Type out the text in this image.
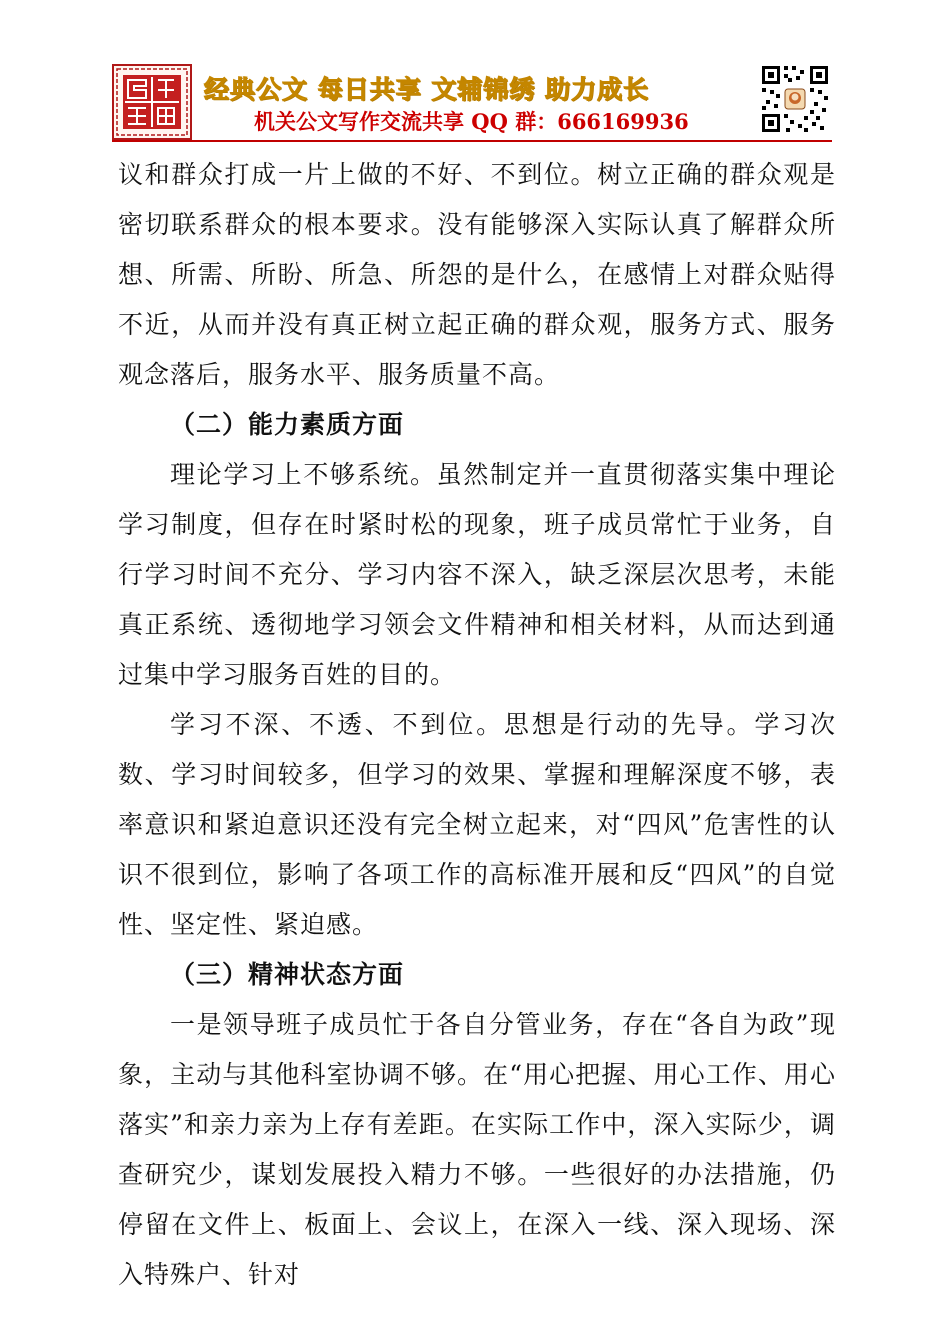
经典公文 每日共享 文辅锦绣 助力成长
机关公文写作交流共享 QQ 群：666169936

议和群众打成一片上做的不好、不到位。树立正确的群众观是密切联系群众的根本要求。没有能够深入实际认真了解群众所想、所需、所盼、所急、所怨的是什么，在感情上对群众贴得不近，从而并没有真正树立起正确的群众观，服务方式、服务观念落后，服务水平、服务质量不高。

（二）能力素质方面

理论学习上不够系统。虽然制定并一直贯彻落实集中理论学习制度，但存在时紧时松的现象，班子成员常忙于业务，自行学习时间不充分、学习内容不深入，缺乏深层次思考，未能真正系统、透彻地学习领会文件精神和相关材料，从而达到通过集中学习服务百姓的目的。

学习不深、不透、不到位。思想是行动的先导。学习次数、学习时间较多，但学习的效果、掌握和理解深度不够，表率意识和紧迫意识还没有完全树立起来，对“四风”危害性的认识不很到位，影响了各项工作的高标准开展和反“四风”的自觉性、坚定性、紧迫感。

（三）精神状态方面

一是领导班子成员忙于各自分管业务，存在“各自为政”现象，主动与其他科室协调不够。在“用心把握、用心工作、用心落实”和亲力亲为上存有差距。在实际工作中，深入实际少，调查研究少，谋划发展投入精力不够。一些很好的办法措施，仍停留在文件上、板面上、会议上，在深入一线、深入现场、深入特殊户、针对
